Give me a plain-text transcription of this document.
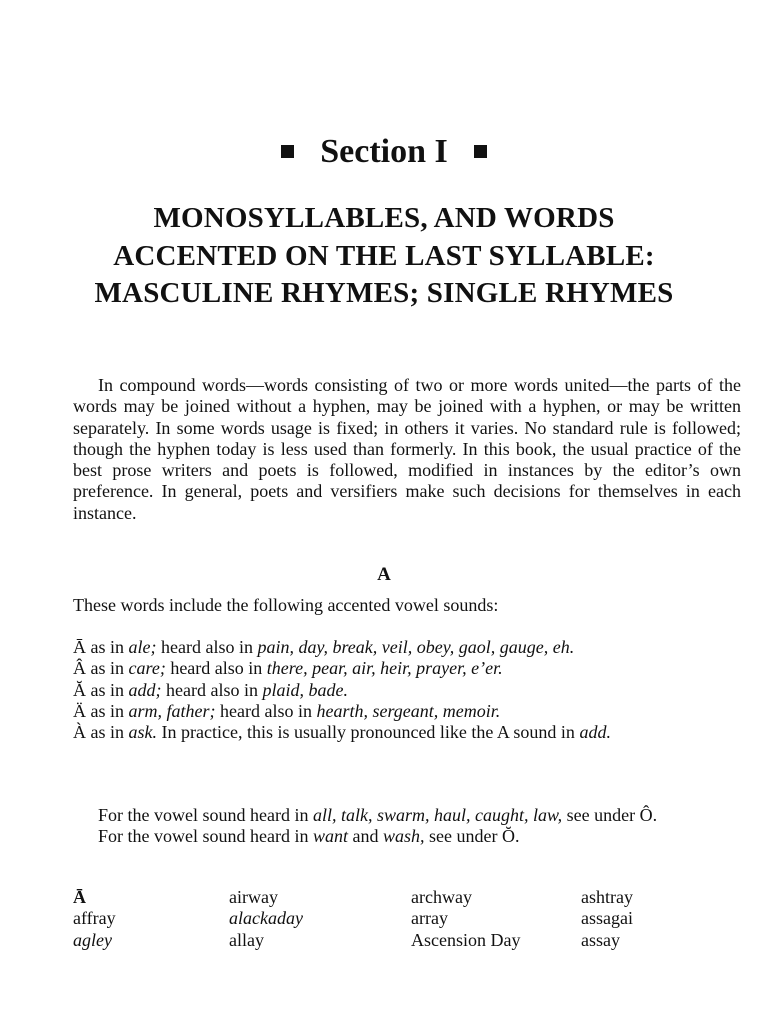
Section I
MONOSYLLABLES, AND WORDS ACCENTED ON THE LAST SYLLABLE: MASCULINE RHYMES; SINGLE RHYMES

In compound words—words consisting of two or more words united—the parts of the words may be joined without a hyphen, may be joined with a hyphen, or may be written separately. In some words usage is fixed; in others it varies. No standard rule is followed; though the hyphen today is less used than formerly. In this book, the usual practice of the best prose writers and poets is followed, modified in instances by the editor’s own preference. In general, poets and versifiers make such decisions for themselves in each instance.

A

These words include the following accented vowel sounds:

Ā as in ale; heard also in pain, day, break, veil, obey, gaol, gauge, eh.
Â as in care; heard also in there, pear, air, heir, prayer, e’er.
Ă as in add; heard also in plaid, bade.
Ä as in arm, father; heard also in hearth, sergeant, memoir.
À as in ask. In practice, this is usually pronounced like the A sound in add.

For the vowel sound heard in all, talk, swarm, haul, caught, law, see under Ô.

For the vowel sound heard in want and wash, see under Ŏ.

Ā	airway	archway	ashtray
affray	alackaday	array	assagai
agley	allay	Ascension Day	assay
